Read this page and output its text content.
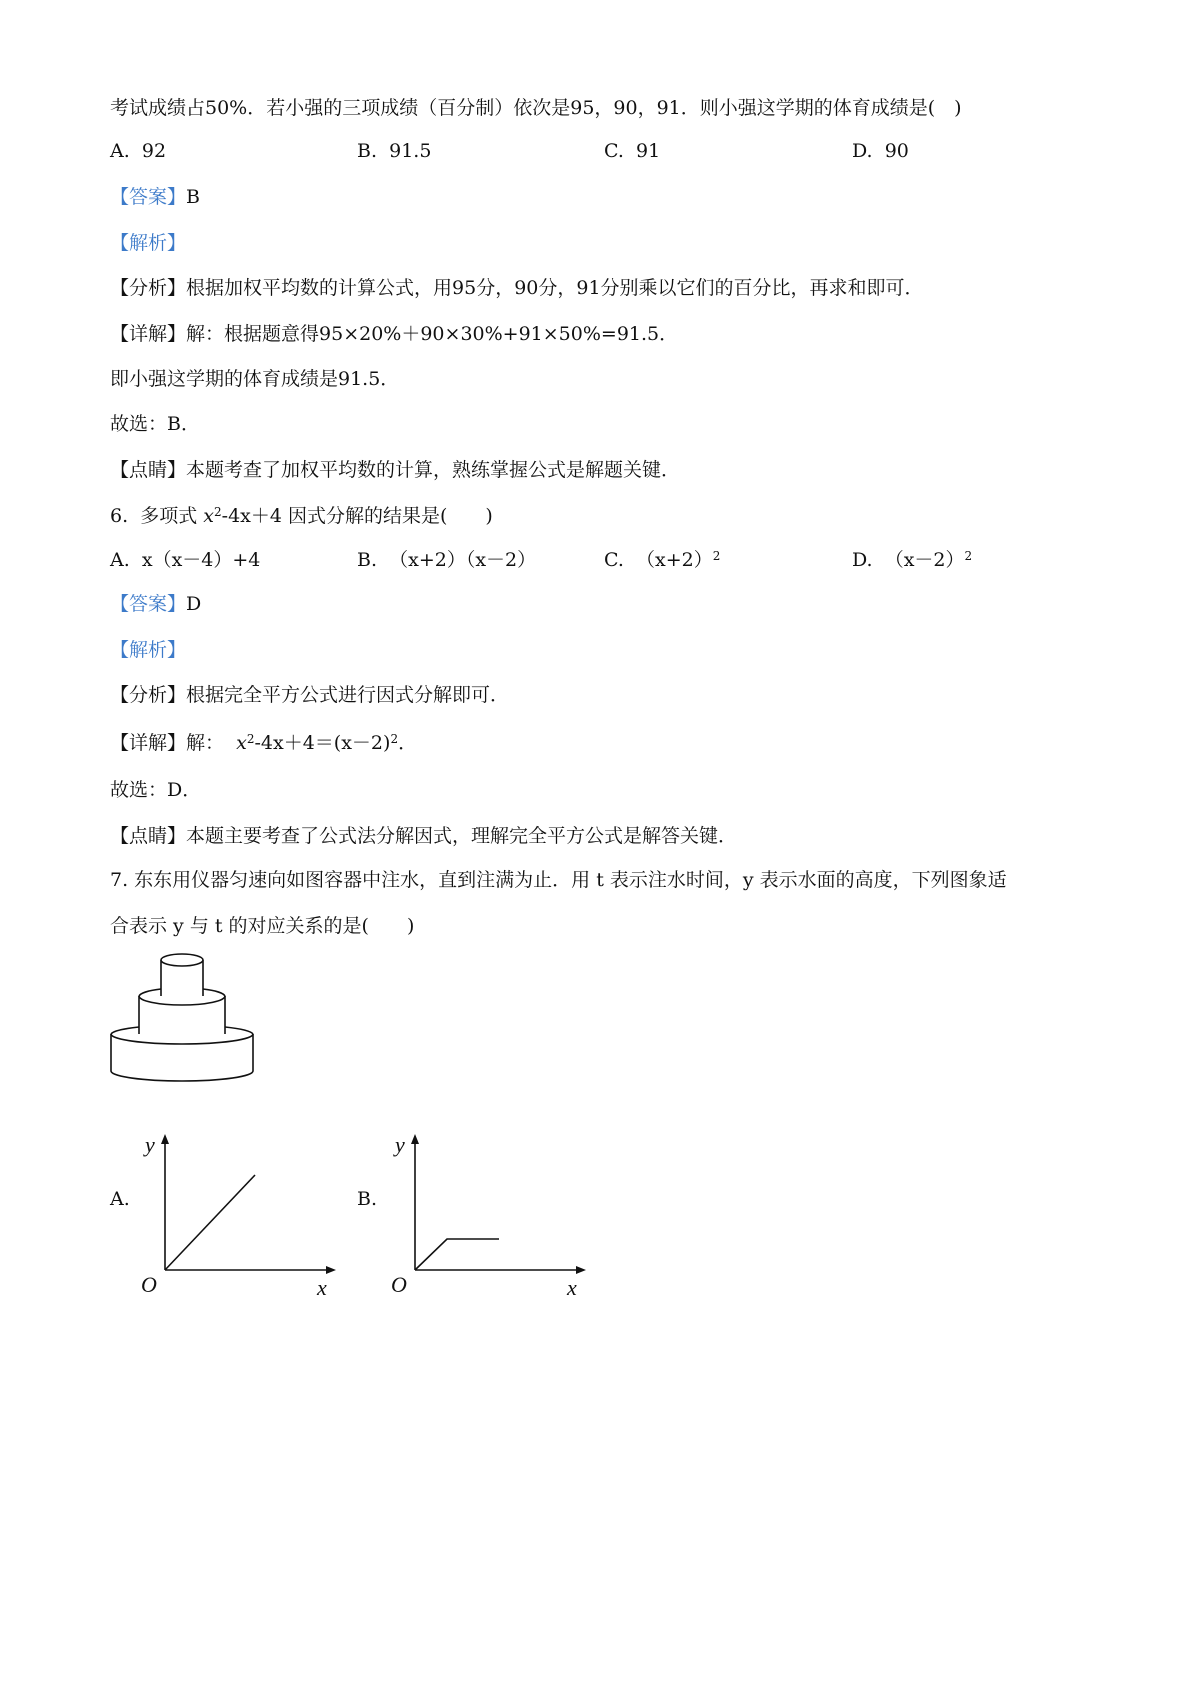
考试成绩占50%．若小强的三项成绩（百分制）依次是95，90，91．则小强这学期的体育成绩是(　)
A. 92	B. 91.5	C. 91	D. 90
【答案】B
【解析】
【分析】根据加权平均数的计算公式，用95分，90分，91分别乘以它们的百分比，再求和即可．
【详解】解：根据题意得95×20%＋90×30%+91×50%=91.5．
即小强这学期的体育成绩是91.5．
故选：B．
【点睛】本题考查了加权平均数的计算，熟练掌握公式是解题关键．
6. 多项式 $x^2-4x+4$ 因式分解的结果是(　　)
A. x（x－4）+4	B. （x+2）（x－2）	C. $(x+2)^2$	D. $(x-2)^2$
【答案】D
【解析】
【分析】根据完全平方公式进行因式分解即可．
【详解】解： $x^2-4x+4=(x-2)^2$．
故选：D．
【点睛】本题主要考查了公式法分解因式，理解完全平方公式是解答关键．
7. 东东用仪器匀速向如图容器中注水，直到注满为止．用 t 表示注水时间，y 表示水面的高度，下列图象适
合表示 y 与 t 的对应关系的是(　　)
A.
y
x
O
B.
y
x
O
